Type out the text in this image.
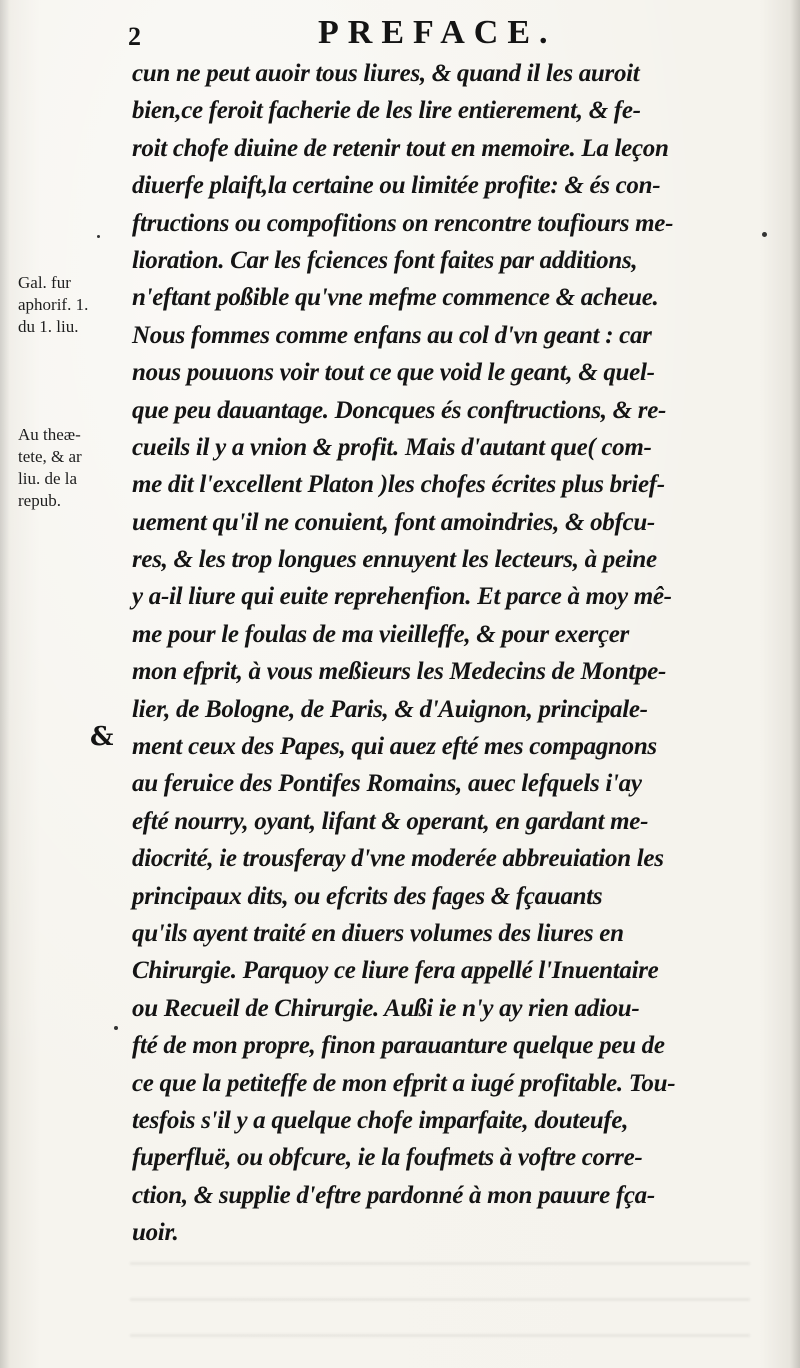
2	PREFACE.
Gal. fur
aphorif. 1.
du 1. liu.
Au theæ-
tete, & ar
liu. de la
repub.
&
cun ne peut auoir tous liures, & quand il les auroit
bien,ce feroit facherie de les lire entierement, & fe-
roit chofe diuine de retenir tout en memoire. La leçon
diuerfe plaift,la certaine ou limitée profite: & és con-
ftructions ou compofitions on rencontre toufiours me-
lioration. Car les fciences font faites par additions,
n'eftant poßible qu'vne mefme commence & acheue.
Nous fommes comme enfans au col d'vn geant : car
nous pouuons voir tout ce que void le geant, & quel-
que peu dauantage. Doncques és conftructions, & re-
cueils il y a vnion & profit. Mais d'autant que( com-
me dit l'excellent Platon )les chofes écrites plus brief-
uement qu'il ne conuient, font amoindries, & obfcu-
res, & les trop longues ennuyent les lecteurs, à peine
y a-il liure qui euite reprehenfion. Et parce à moy mê-
me pour le foulas de ma vieilleffe, & pour exerçer
mon efprit, à vous meßieurs les Medecins de Montpe-
lier, de Bologne, de Paris, & d'Auignon, principale-
ment ceux des Papes, qui auez efté mes compagnons
au feruice des Pontifes Romains, auec lefquels i'ay
efté nourry, oyant, lifant & operant, en gardant me-
diocrité, ie trousferay d'vne moderée abbreuiation les
principaux dits, ou efcrits des fages & fçauants
qu'ils ayent traité en diuers volumes des liures en
Chirurgie. Parquoy ce liure fera appellé l'Inuentaire
ou Recueil de Chirurgie. Außi ie n'y ay rien adiou-
fté de mon propre, finon parauanture quelque peu de
ce que la petiteffe de mon efprit a iugé profitable. Tou-
tesfois s'il y a quelque chofe imparfaite, douteufe,
fuperfluë, ou obfcure, ie la foufmets à voftre corre-
ction, & supplie d'eftre pardonné à mon pauure fça-
uoir.
